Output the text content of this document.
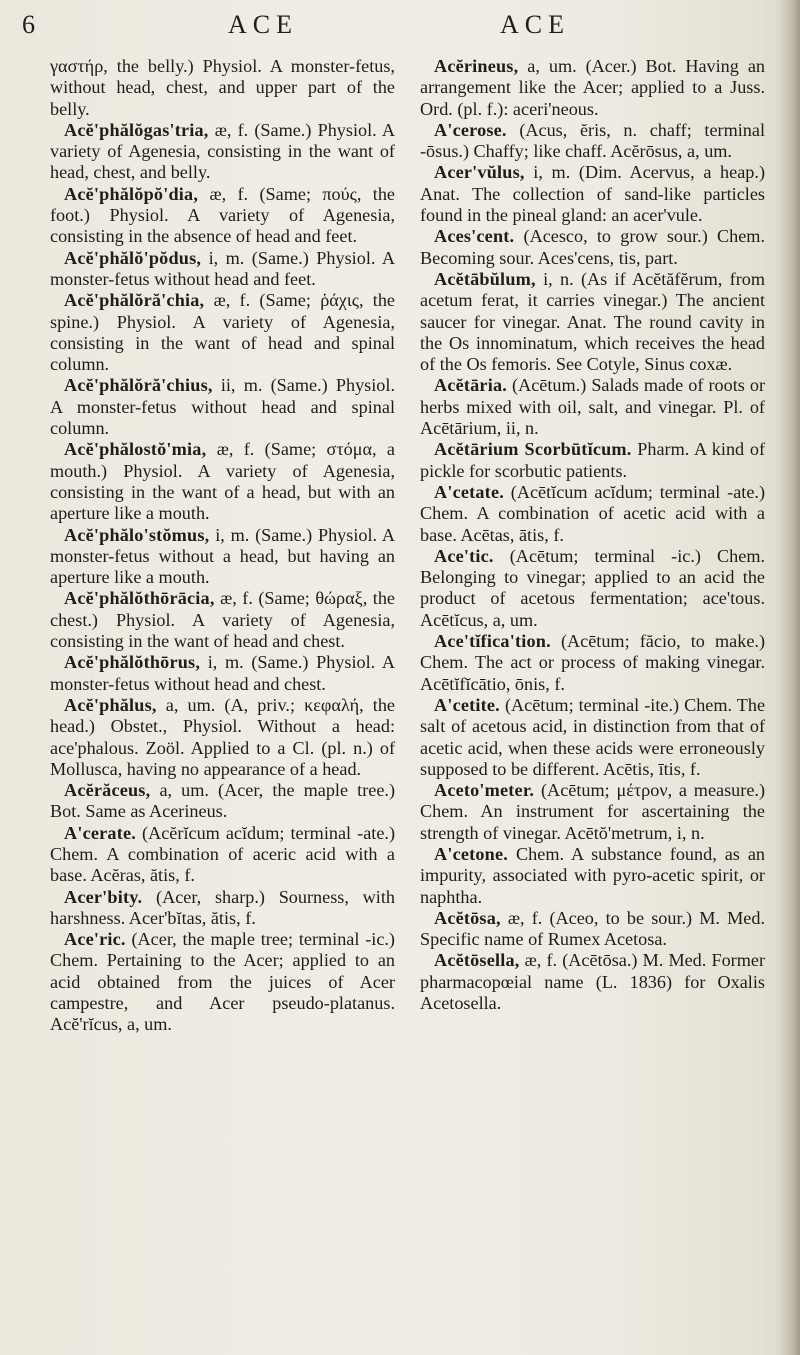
6	ACE	ACE

γαστήρ, the belly.) Physiol. A monster-fetus, without head, chest, and upper part of the belly.

Acĕ'phălŏgas'tria, æ, f. (Same.) Physiol. A variety of Agenesia, consisting in the want of head, chest, and belly.

Acĕ'phălŏpŏ'dia, æ, f. (Same; πούς, the foot.) Physiol. A variety of Agenesia, consisting in the absence of head and feet.

Acĕ'phălŏ'pŏdus, i, m. (Same.) Physiol. A monster-fetus without head and feet.

Acĕ'phălŏră'chia, æ, f. (Same; ῥάχις, the spine.) Physiol. A variety of Agenesia, consisting in the want of head and spinal column.

Acĕ'phălŏră'chius, ii, m. (Same.) Physiol. A monster-fetus without head and spinal column.

Acĕ'phălostŏ'mia, æ, f. (Same; στόμα, a mouth.) Physiol. A variety of Agenesia, consisting in the want of a head, but with an aperture like a mouth.

Acĕ'phălo'stŏmus, i, m. (Same.) Physiol. A monster-fetus without a head, but having an aperture like a mouth.

Acĕ'phălŏthōrācia, æ, f. (Same; θώραξ, the chest.) Physiol. A variety of Agenesia, consisting in the want of head and chest.

Acĕ'phălŏthōrus, i, m. (Same.) Physiol. A monster-fetus without head and chest.

Acĕ'phălus, a, um. (A, priv.; κεφαλή, the head.) Obstet., Physiol. Without a head: ace'phalous. Zoöl. Applied to a Cl. (pl. n.) of Mollusca, having no appearance of a head.

Acĕrăceus, a, um. (Acer, the maple tree.) Bot. Same as Acerineus.

A'cerate. (Acĕrĭcum acĭdum; terminal -ate.) Chem. A combination of aceric acid with a base. Acĕras, ătis, f.

Acer'bity. (Acer, sharp.) Sourness, with harshness. Acer'bĭtas, ătis, f.

Ace'ric. (Acer, the maple tree; terminal -ic.) Chem. Pertaining to the Acer; applied to an acid obtained from the juices of Acer campestre, and Acer pseudo-platanus. Acĕ'rĭcus, a, um.

Acĕrineus, a, um. (Acer.) Bot. Having an arrangement like the Acer; applied to a Juss. Ord. (pl. f.): aceri'neous.

A'cerose. (Acus, ĕris, n. chaff; terminal -ōsus.) Chaffy; like chaff. Acĕrōsus, a, um.

Acer'vŭlus, i, m. (Dim. Acervus, a heap.) Anat. The collection of sand-like particles found in the pineal gland: an acer'vule.

Aces'cent. (Acesco, to grow sour.) Chem. Becoming sour. Aces'cens, tis, part.

Acĕtābŭlum, i, n. (As if Acĕtăfĕrum, from acetum ferat, it carries vinegar.) The ancient saucer for vinegar. Anat. The round cavity in the Os innominatum, which receives the head of the Os femoris. See Cotyle, Sinus coxæ.

Acĕtāria. (Acētum.) Salads made of roots or herbs mixed with oil, salt, and vinegar. Pl. of Acētārium, ii, n.

Acĕtārium Scorbūtĭcum. Pharm. A kind of pickle for scorbutic patients.

A'cetate. (Acētĭcum acĭdum; terminal -ate.) Chem. A combination of acetic acid with a base. Acētas, ātis, f.

Ace'tic. (Acētum; terminal -ic.) Chem. Belonging to vinegar; applied to an acid the product of acetous fermentation; ace'tous. Acētĭcus, a, um.

Ace'tĭfica'tion. (Acētum; făcio, to make.) Chem. The act or process of making vinegar. Acētĭfĭcātio, ōnis, f.

A'cetite. (Acētum; terminal -ite.) Chem. The salt of acetous acid, in distinction from that of acetic acid, when these acids were erroneously supposed to be different. Acētis, ītis, f.

Aceto'meter. (Acētum; μέτρον, a measure.) Chem. An instrument for ascertaining the strength of vinegar. Acētŏ'metrum, i, n.

A'cetone. Chem. A substance found, as an impurity, associated with pyro-acetic spirit, or naphtha.

Acĕtōsa, æ, f. (Aceo, to be sour.) M. Med. Specific name of Rumex Acetosa.

Acĕtōsella, æ, f. (Acētōsa.) M. Med. Former pharmacopœial name (L. 1836) for Oxalis Acetosella.
